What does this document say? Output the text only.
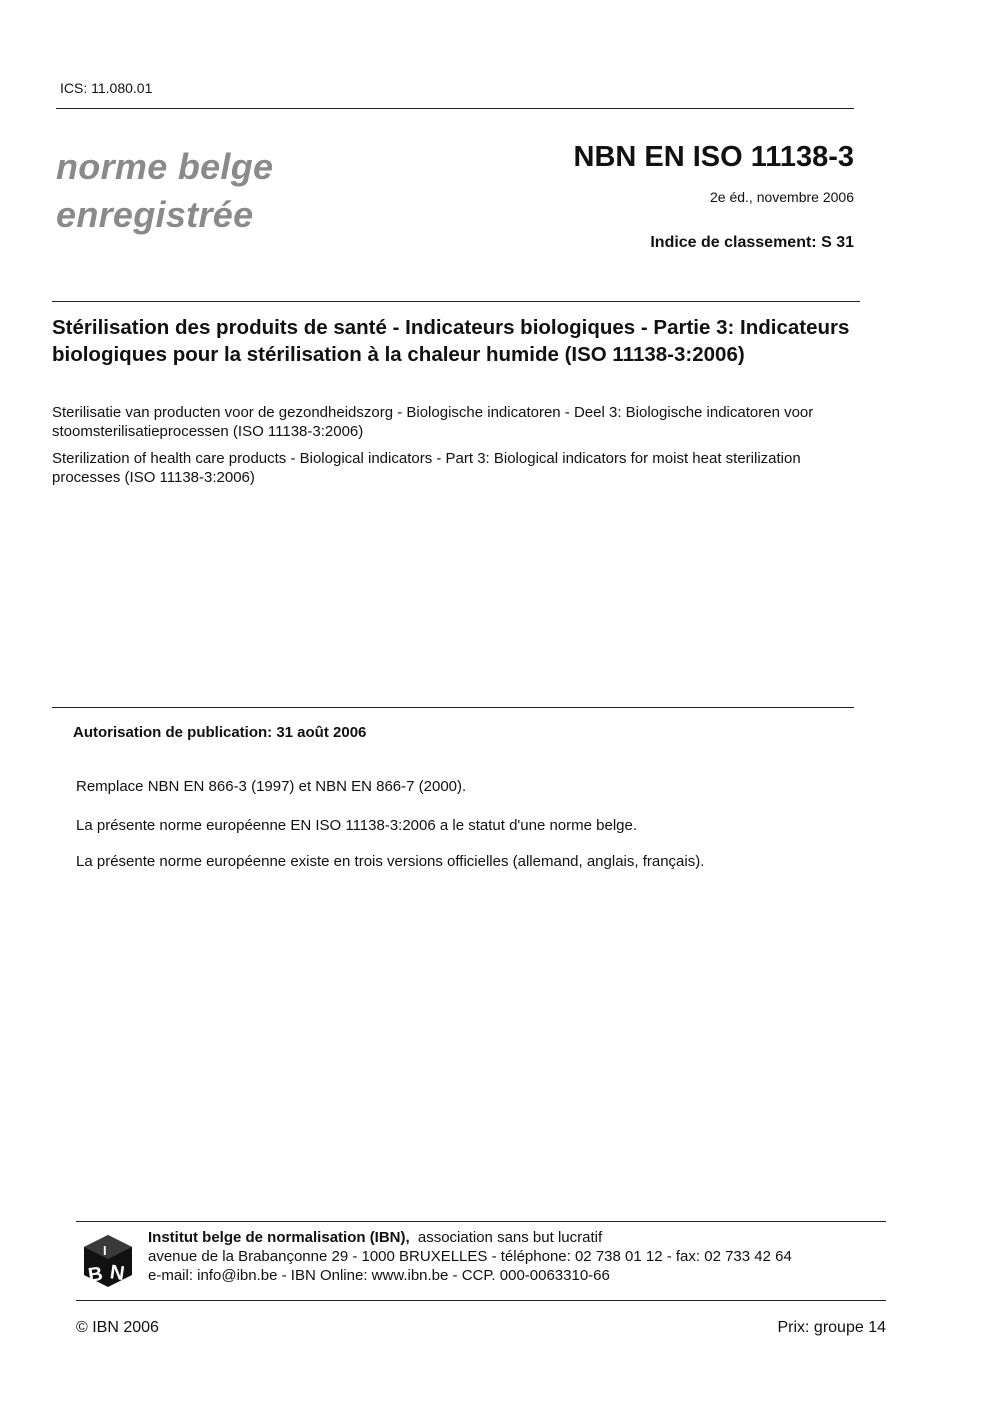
ICS: 11.080.01
norme belge
enregistrée
NBN EN ISO 11138-3
2e éd., novembre 2006
Indice de classement: S 31
Stérilisation des produits de santé - Indicateurs biologiques - Partie 3: Indicateurs biologiques pour la stérilisation à la chaleur humide (ISO 11138-3:2006)
Sterilisatie van producten voor de gezondheidszorg - Biologische indicatoren - Deel 3: Biologische indicatoren voor stoomsterilisatieprocessen (ISO 11138-3:2006)
Sterilization of health care products - Biological indicators - Part 3: Biological indicators for moist heat sterilization processes (ISO 11138-3:2006)
Autorisation de publication: 31 août 2006
Remplace NBN EN 866-3 (1997) et NBN EN 866-7 (2000).
La présente norme européenne EN ISO 11138-3:2006 a le statut d'une norme belge.
La présente norme européenne existe en trois versions officielles (allemand, anglais, français).
B N
I
Institut belge de normalisation (IBN), association sans but lucratif
avenue de la Brabançonne 29 - 1000 BRUXELLES - téléphone: 02 738 01 12 - fax: 02 733 42 64
e-mail: info@ibn.be - IBN Online: www.ibn.be - CCP. 000-0063310-66
© IBN 2006	Prix: groupe 14
